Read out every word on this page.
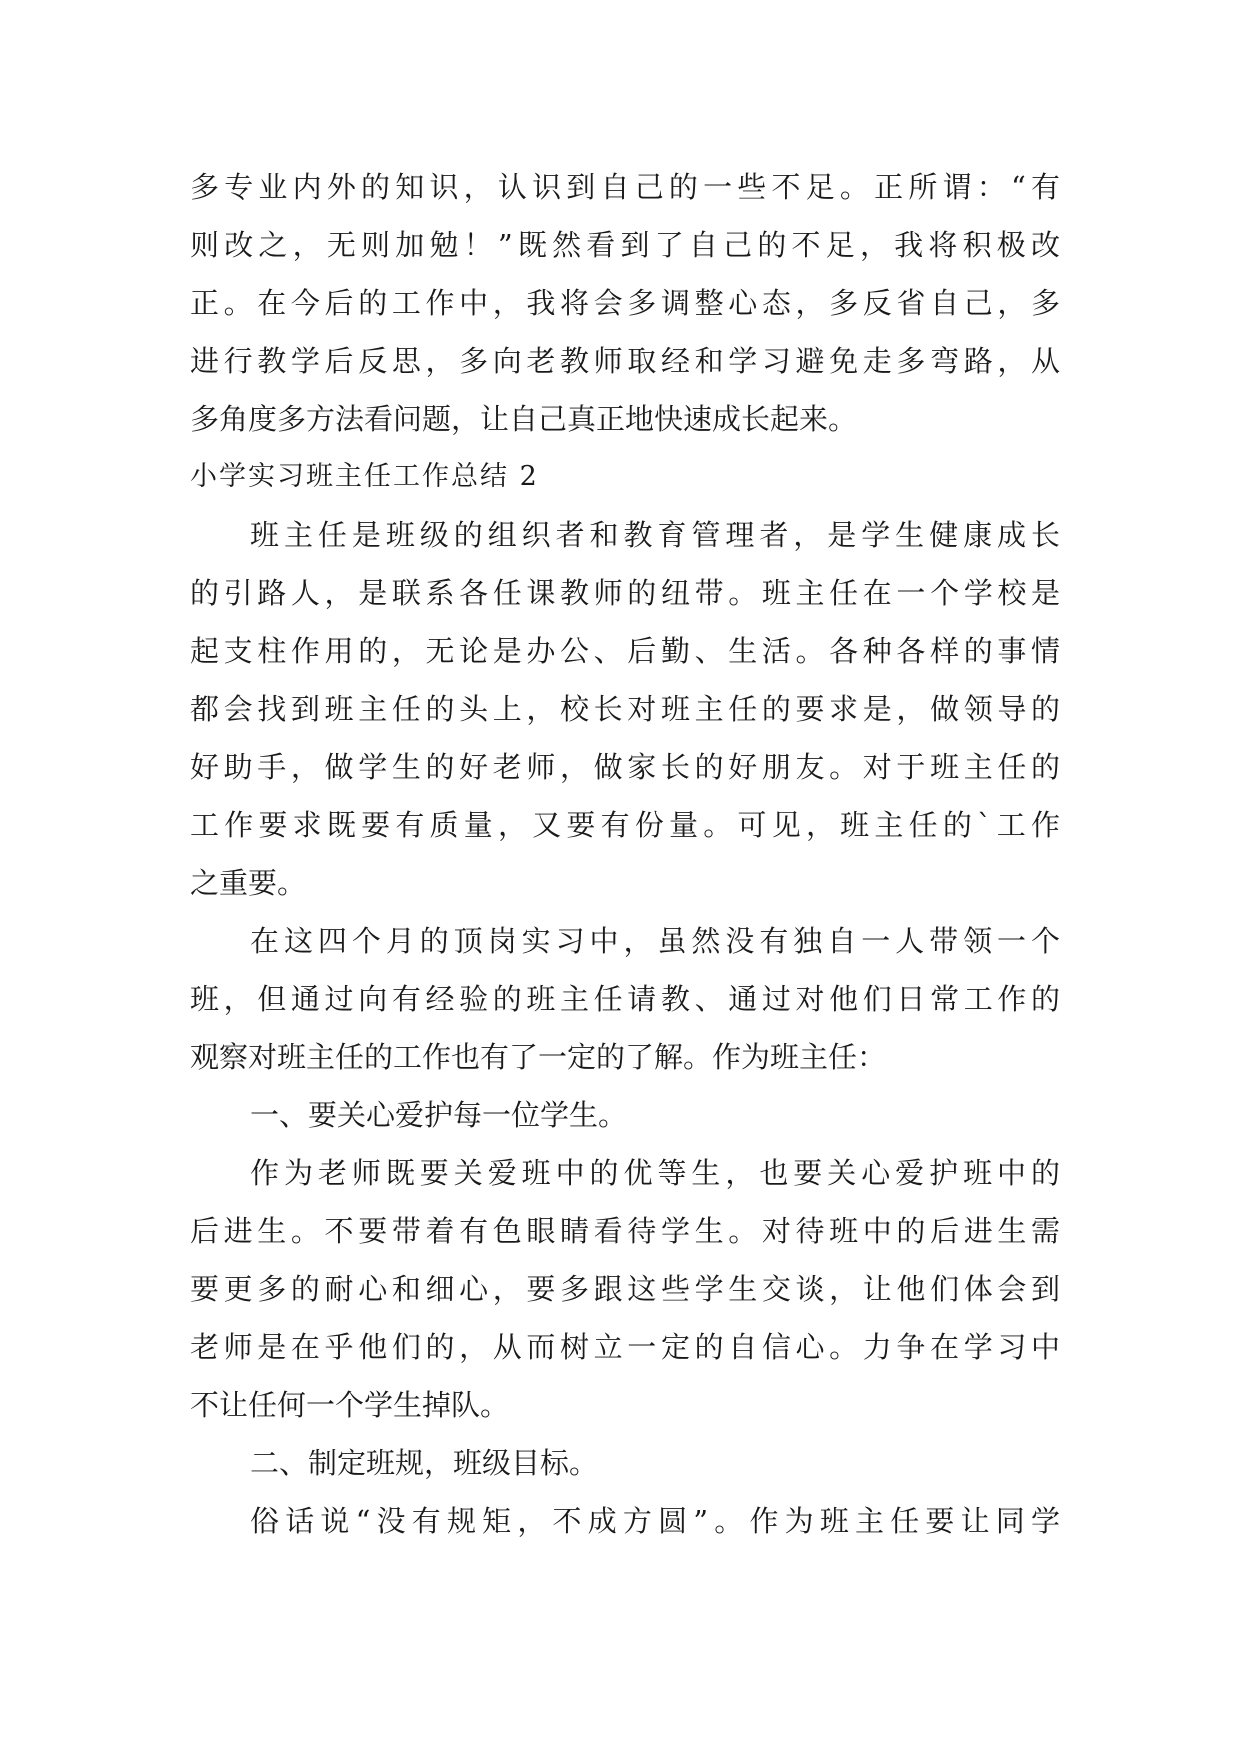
多专业内外的知识，认识到自己的一些不足。正所谓：“有
则改之，无则加勉！”既然看到了自己的不足，我将积极改
正。在今后的工作中，我将会多调整心态，多反省自己，多
进行教学后反思，多向老教师取经和学习避免走多弯路，从
多角度多方法看问题，让自己真正地快速成长起来。
小学实习班主任工作总结 2
班主任是班级的组织者和教育管理者，是学生健康成长
的引路人，是联系各任课教师的纽带。班主任在一个学校是
起支柱作用的，无论是办公、后勤、生活。各种各样的事情
都会找到班主任的头上，校长对班主任的要求是，做领导的
好助手，做学生的好老师，做家长的好朋友。对于班主任的
工作要求既要有质量，又要有份量。可见，班主任的`工作
之重要。
在这四个月的顶岗实习中，虽然没有独自一人带领一个
班，但通过向有经验的班主任请教、通过对他们日常工作的
观察对班主任的工作也有了一定的了解。作为班主任：
一、要关心爱护每一位学生。
作为老师既要关爱班中的优等生，也要关心爱护班中的
后进生。不要带着有色眼睛看待学生。对待班中的后进生需
要更多的耐心和细心，要多跟这些学生交谈，让他们体会到
老师是在乎他们的，从而树立一定的自信心。力争在学习中
不让任何一个学生掉队。
二、制定班规，班级目标。
俗话说“没有规矩，不成方圆”。作为班主任要让同学
